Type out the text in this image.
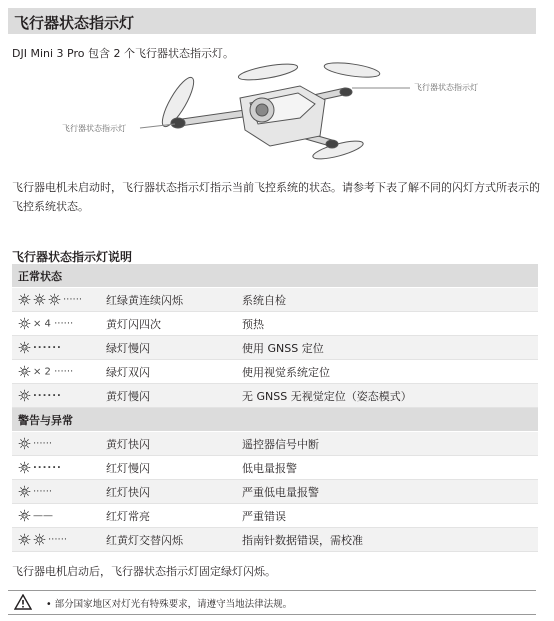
飞行器状态指示灯
DJI Mini 3 Pro 包含 2 个飞行器状态指示灯。
飞行器状态指示灯
飞行器状态指示灯
飞行器电机未启动时，飞行器状态指示灯指示当前飞控系统的状态。请参考下表了解不同的闪灯方式所表示的飞控系统状态。
飞行器状态指示灯说明
正常状态		

R G Y ······	红绿黄连续闪烁	系统自检

Y × 4 ······	黄灯闪四次	预热

G ······	绿灯慢闪	使用 GNSS 定位

G × 2 ······	绿灯双闪	使用视觉系统定位

Y ······	黄灯慢闪	无 GNSS 无视觉定位（姿态模式）
警告与异常		

Y ······	黄灯快闪	遥控器信号中断

R ······	红灯慢闪	低电量报警

R ······	红灯快闪	严重低电量报警

R ——	红灯常亮	严重错误

R Y ······	红黄灯交替闪烁	指南针数据错误，需校准
飞行器电机启动后，飞行器状态指示灯固定绿灯闪烁。
• 部分国家地区对灯光有特殊要求，请遵守当地法律法规。
